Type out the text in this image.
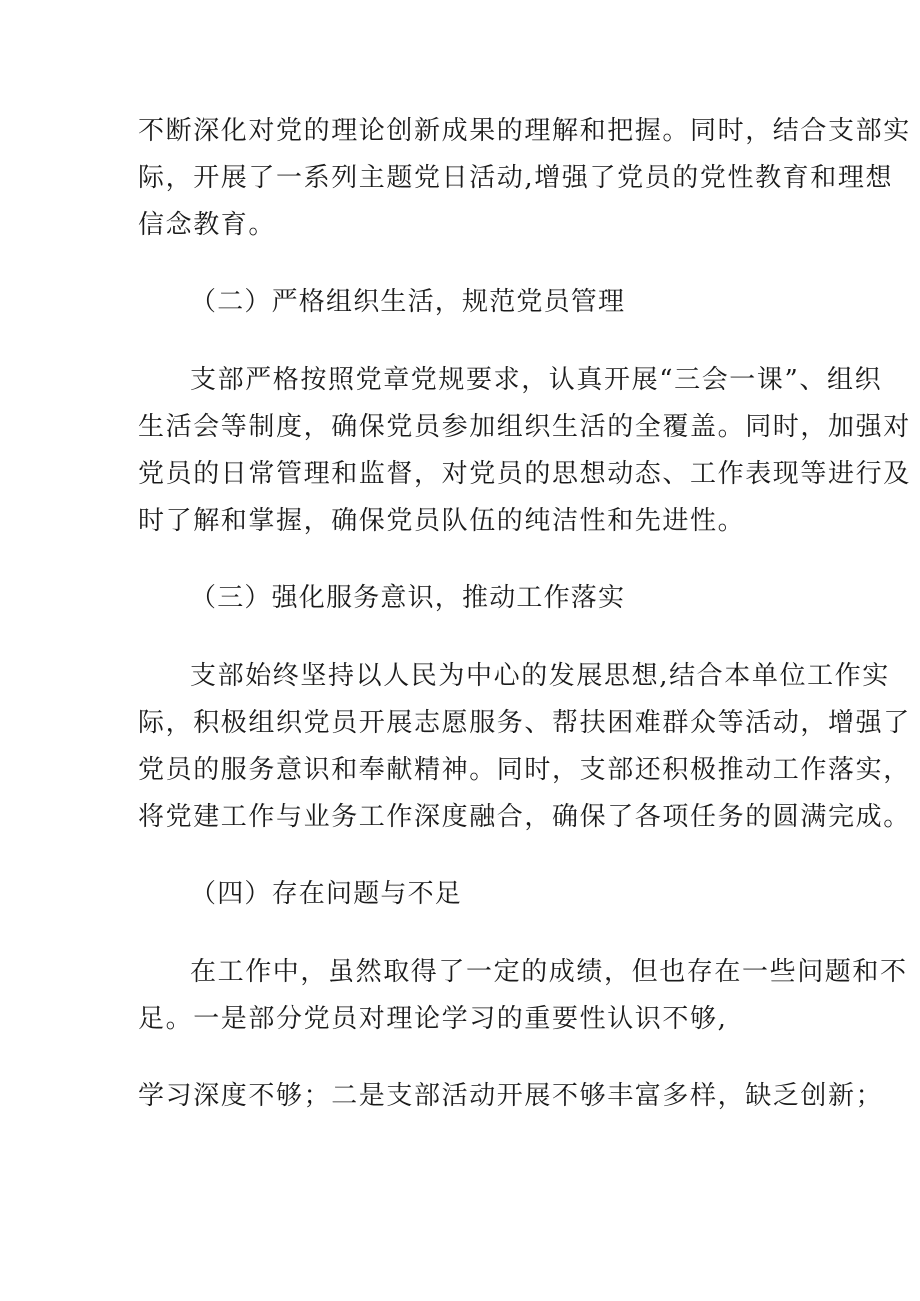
不断深化对党的理论创新成果的理解和把握。同时，结合支部实
际，开展了一系列主题党日活动,增强了党员的党性教育和理想
信念教育。
（二）严格组织生活，规范党员管理
支部严格按照党章党规要求，认真开展“三会一课”、组织
生活会等制度，确保党员参加组织生活的全覆盖。同时，加强对
党员的日常管理和监督，对党员的思想动态、工作表现等进行及
时了解和掌握，确保党员队伍的纯洁性和先进性。
（三）强化服务意识，推动工作落实
支部始终坚持以人民为中心的发展思想,结合本单位工作实
际，积极组织党员开展志愿服务、帮扶困难群众等活动，增强了
党员的服务意识和奉献精神。同时，支部还积极推动工作落实，
将党建工作与业务工作深度融合，确保了各项任务的圆满完成。
（四）存在问题与不足
在工作中，虽然取得了一定的成绩，但也存在一些问题和不
足。一是部分党员对理论学习的重要性认识不够,
学习深度不够；二是支部活动开展不够丰富多样，缺乏创新；
